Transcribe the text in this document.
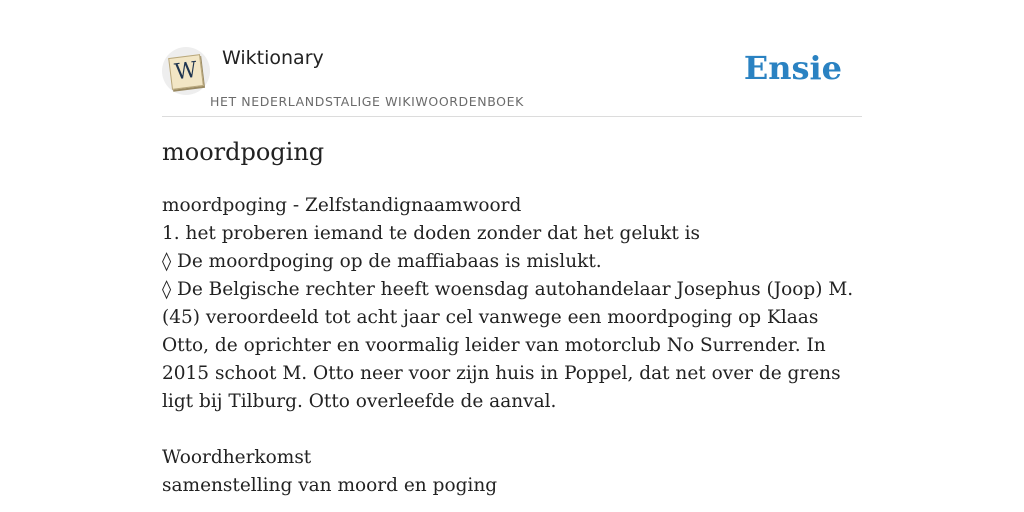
W Wiktionary
HET NEDERLANDSTALIGE WIKIWOORDENBOEK
Ensie
moordpoging
moordpoging - Zelfstandignaamwoord
1. het proberen iemand te doden zonder dat het gelukt is
◊ De moordpoging op de maffiabaas is mislukt.
◊ De Belgische rechter heeft woensdag autohandelaar Josephus (Joop) M. (45) veroordeeld tot acht jaar cel vanwege een moordpoging op Klaas Otto, de oprichter en voormalig leider van motorclub No Surrender. In 2015 schoot M. Otto neer voor zijn huis in Poppel, dat net over de grens ligt bij Tilburg. Otto overleefde de aanval.
Woordherkomst
samenstelling van moord en poging
